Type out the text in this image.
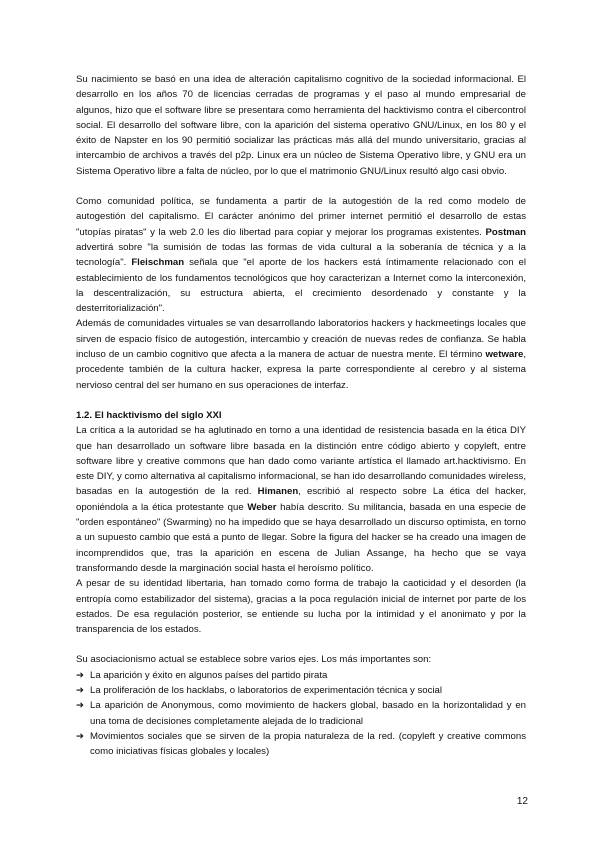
Su nacimiento se basó en una idea de alteración capitalismo cognitivo de la sociedad informacional. El desarrollo en los años 70 de licencias cerradas de programas y el paso al mundo empresarial de algunos, hizo que el software libre se presentara como herramienta del hacktivismo contra el cibercontrol social. El desarrollo del software libre, con la aparición del sistema operativo GNU/Linux, en los 80 y el éxito de Napster en los 90 permitió socializar las prácticas más allá del mundo universitario, gracias al intercambio de archivos a través del p2p. Linux era un núcleo de Sistema Operativo libre, y GNU era un Sistema Operativo libre a falta de núcleo, por lo que el matrimonio GNU/Linux resultó algo casi obvio.

Como comunidad política, se fundamenta a partir de la autogestión de la red como modelo de autogestión del capitalismo. El carácter anónimo del primer internet permitió el desarrollo de estas "utopías piratas" y la web 2.0 les dio libertad para copiar y mejorar los programas existentes. Postman advertirá sobre "la sumisión de todas las formas de vida cultural a la soberanía de técnica y a la tecnología". Fleischman señala que "el aporte de los hackers está íntimamente relacionado con el establecimiento de los fundamentos tecnológicos que hoy caracterizan a Internet como la interconexión, la descentralización, su estructura abierta, el crecimiento desordenado y constante y la desterritorialización".

Además de comunidades virtuales se van desarrollando laboratorios hackers y hackmeetings locales que sirven de espacio físico de autogestión, intercambio y creación de nuevas redes de confianza. Se habla incluso de un cambio cognitivo que afecta a la manera de actuar de nuestra mente. El término wetware, procedente también de la cultura hacker, expresa la parte correspondiente al cerebro y al sistema nervioso central del ser humano en sus operaciones de interfaz.

1.2. El hacktivismo del siglo XXI

La crítica a la autoridad se ha aglutinado en torno a una identidad de resistencia basada en la ética DIY que han desarrollado un software libre basada en la distinción entre código abierto y copyleft, entre software libre y creative commons que han dado como variante artística el llamado art.hacktivismo. En este DIY, y como alternativa al capitalismo informacional, se han ido desarrollando comunidades wireless, basadas en la autogestión de la red. Himanen, escribió al respecto sobre La ética del hacker, oponiéndola a la ética protestante que Weber había descrito. Su militancia, basada en una especie de "orden espontáneo" (Swarming) no ha impedido que se haya desarrollado un discurso optimista, en torno a un supuesto cambio que está a punto de llegar. Sobre la figura del hacker se ha creado una imagen de incomprendidos que, tras la aparición en escena de Julian Assange, ha hecho que se vaya transformando desde la marginación social hasta el heroísmo político.

A pesar de su identidad libertaria, han tomado como forma de trabajo la caoticidad y el desorden (la entropía como estabilizador del sistema), gracias a la poca regulación inicial de internet por parte de los estados. De esa regulación posterior, se entiende su lucha por la intimidad y el anonimato y por la transparencia de los estados.

Su asociacionismo actual se establece sobre varios ejes. Los más importantes son:

➔ La aparición y éxito en algunos países del partido pirata
➔ La proliferación de los hacklabs, o laboratorios de experimentación técnica y social
➔ La aparición de Anonymous, como movimiento de hackers global, basado en la horizontalidad y en una toma de decisiones completamente alejada de lo tradicional
➔ Movimientos sociales que se sirven de la propia naturaleza de la red. (copyleft y creative commons como iniciativas físicas globales y locales)
12
